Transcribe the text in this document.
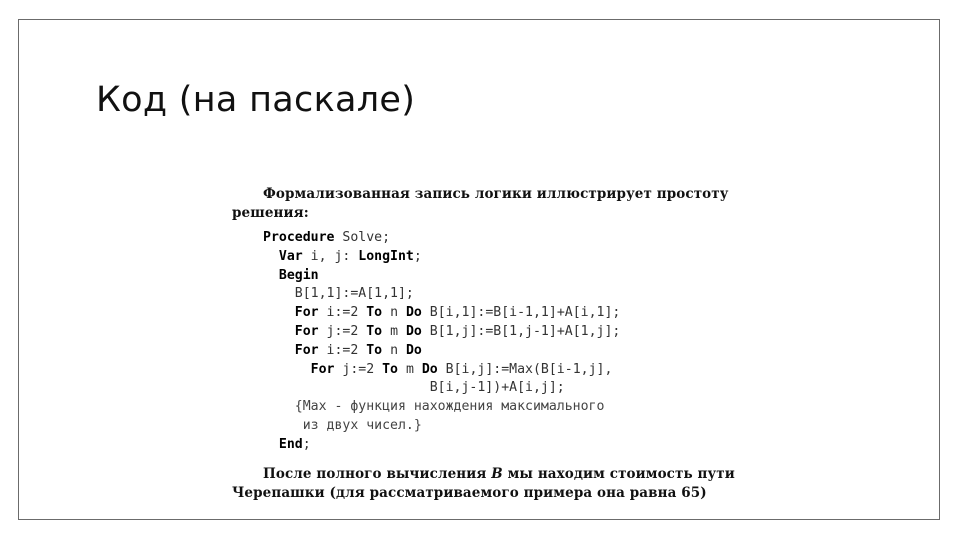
Код (на паскале)
Формализованная запись логики иллюстрирует простоту
решения:
Procedure Solve;
Var i, j: LongInt;
Begin
B[1,1]:=A[1,1];
For i:=2 To n Do B[i,1]:=B[i-1,1]+A[i,1];
For j:=2 To m Do B[1,j]:=B[1,j-1]+A[1,j];
For i:=2 To n Do
For j:=2 To m Do B[i,j]:=Max(B[i-1,j],
B[i,j-1])+A[i,j];
{Max - функция нахождения максимального
из двух чисел.}
End;
После полного вычисления B мы находим стоимость пути
Черепашки (для рассматриваемого примера она равна 65)
